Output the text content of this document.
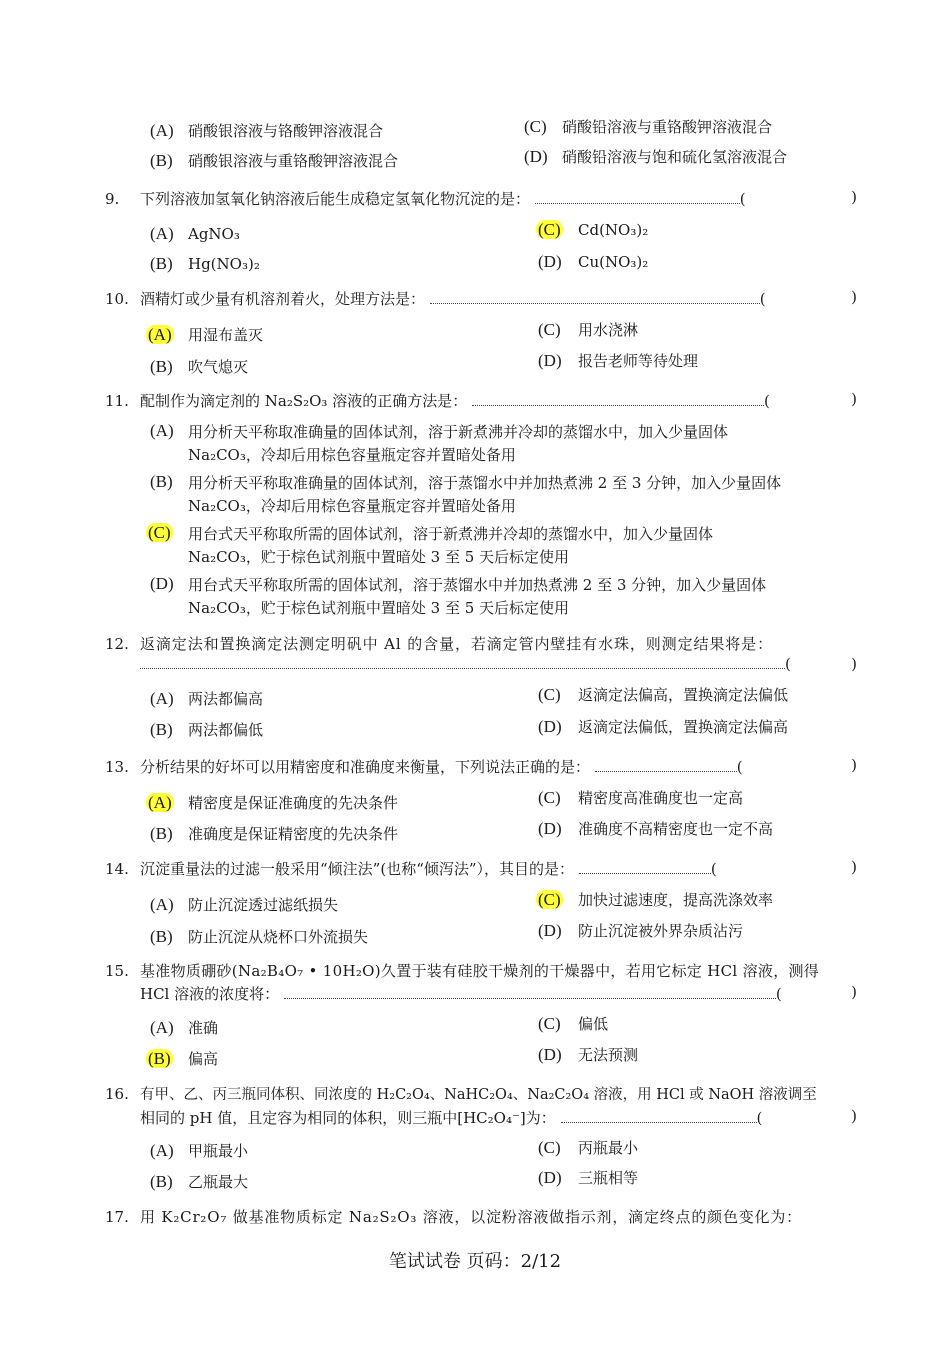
(A) 硝酸银溶液与铬酸钾溶液混合
(B) 硝酸银溶液与重铬酸钾溶液混合
(C) 硝酸铅溶液与重铬酸钾溶液混合
(D) 硝酸铅溶液与饱和硫化氢溶液混合
9. 下列溶液加氢氧化钠溶液后能生成稳定氢氧化物沉淀的是：	(	)
(A) AgNO₃
(B) Hg(NO₃)₂
(C) Cd(NO₃)₂
(D) Cu(NO₃)₂
10. 酒精灯或少量有机溶剂着火，处理方法是：	(	)
(A) 用湿布盖灭
(B) 吹气熄灭
(C) 用水浇淋
(D) 报告老师等待处理
11. 配制作为滴定剂的 Na₂S₂O₃ 溶液的正确方法是：	(	)
(A) 用分析天平称取准确量的固体试剂，溶于新煮沸并冷却的蒸馏水中，加入少量固体 Na₂CO₃，冷却后用棕色容量瓶定容并置暗处备用
(B) 用分析天平称取准确量的固体试剂，溶于蒸馏水中并加热煮沸 2 至 3 分钟，加入少量固体 Na₂CO₃，冷却后用棕色容量瓶定容并置暗处备用
(C) 用台式天平称取所需的固体试剂，溶于新煮沸并冷却的蒸馏水中，加入少量固体 Na₂CO₃，贮于棕色试剂瓶中置暗处 3 至 5 天后标定使用
(D) 用台式天平称取所需的固体试剂，溶于蒸馏水中并加热煮沸 2 至 3 分钟，加入少量固体 Na₂CO₃，贮于棕色试剂瓶中置暗处 3 至 5 天后标定使用
12. 返滴定法和置换滴定法测定明矾中 Al 的含量，若滴定管内壁挂有水珠，则测定结果将是：
(	)
(A) 两法都偏高
(B) 两法都偏低
(C) 返滴定法偏高，置换滴定法偏低
(D) 返滴定法偏低，置换滴定法偏高
13. 分析结果的好坏可以用精密度和准确度来衡量，下列说法正确的是：	(	)
(A) 精密度是保证准确度的先决条件
(B) 准确度是保证精密度的先决条件
(C) 精密度高准确度也一定高
(D) 准确度不高精密度也一定不高
14. 沉淀重量法的过滤一般采用“倾注法”(也称“倾泻法”），其目的是：	(	)
(A) 防止沉淀透过滤纸损失
(B) 防止沉淀从烧杯口外流损失
(C) 加快过滤速度，提高洗涤效率
(D) 防止沉淀被外界杂质沾污
15. 基准物质硼砂(Na₂B₄O₇ • 10H₂O)久置于装有硅胶干燥剂的干燥器中，若用它标定 HCl 溶液，测得
HCl 溶液的浓度将：	(	)
(A) 准确
(B) 偏高
(C) 偏低
(D) 无法预测
16. 有甲、乙、丙三瓶同体积、同浓度的 H₂C₂O₄、NaHC₂O₄、Na₂C₂O₄ 溶液，用 HCl 或 NaOH 溶液调至
相同的 pH 值，且定容为相同的体积，则三瓶中[HC₂O₄⁻]为：	(	)
(A) 甲瓶最小
(B) 乙瓶最大
(C) 丙瓶最小
(D) 三瓶相等
17. 用 K₂Cr₂O₇ 做基准物质标定 Na₂S₂O₃ 溶液，以淀粉溶液做指示剂，滴定终点的颜色变化为：
笔试试卷 页码：2/12
